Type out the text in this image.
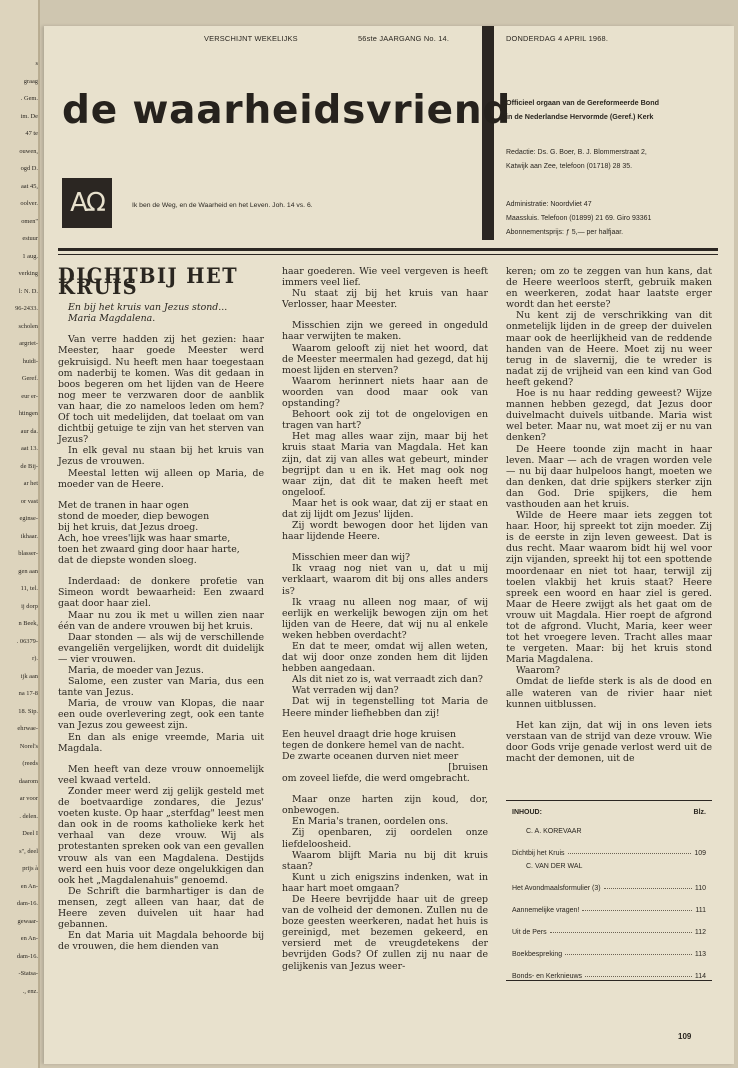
s
graag
. Gem.
im. De
47 te
ouwen,
ogd D.
aat 45,
oolver.
omen"
estuur
1 aug.
verking
l: N. D.
96-2433.
scholen
argriet-
huidi-
Geref.
eur er-
htingen
aur da.
aat 13.
de Bij-
ar het
or vast
eginse-
ikhaar.
blasser-
gen aan
11, tel.
ij dorp
n Beek,
. 06379-
r).
ijk aan
na 17-8
18. Sip.
ehrwae-
Norel's
(reeds
daarom
ar voor
. delen.
Deel I
s", deel
prijs à
en An-
dam-16.
gewaar-
en An-
dam-16.
-Statsa-
., enz.
VERSCHIJNT WEKELIJKS	56ste JAARGANG No. 14.	DONDERDAG 4 APRIL 1968.
de waarheidsvriend
AΩ	Ik ben de Weg, en de Waarheid en het Leven. Joh. 14 vs. 6.
Officieel orgaan van de Gereformeerde Bond
in de Nederlandse Hervormde (Geref.) Kerk
Redactie: Ds. G. Boer, B. J. Blommerstraat 2,
Katwijk aan Zee, telefoon (01718) 28 35.
Administratie: Noordvliet 47
Maassluis. Telefoon (01899) 21 69. Giro 93361
Abonnementsprijs: ƒ 5,— per halfjaar.
DICHTBIJ HET KRUIS

En bij het kruis van Jezus stond...

Maria Magdalena.

Van verre hadden zij het gezien: haar Meester, haar goede Meester werd gekruisigd. Nu heeft men haar toegestaan om naderbij te komen. Was dit gedaan in boos begeren om het lijden van de Heere nog meer te verzwaren door de aanblik van haar, die zo nameloos leden om hem? Of toch uit medelijden, dat toelaat om van dichtbij getuige te zijn van het sterven van Jezus?

In elk geval nu staan bij het kruis van Jezus de vrouwen.

Meestal letten wij alleen op Maria, de moeder van de Heere.

Met de tranen in haar ogen

stond de moeder, diep bewogen

bij het kruis, dat Jezus droeg.

Ach, hoe vrees'lijk was haar smarte,

toen het zwaard ging door haar harte,

dat de diepste wonden sloeg.

Inderdaad: de donkere profetie van Simeon wordt bewaarheid: Een zwaard gaat door haar ziel.

Maar nu zou ik met u willen zien naar één van de andere vrouwen bij het kruis.

Daar stonden — als wij de verschillende evangeliën vergelijken, wordt dit duidelijk — vier vrouwen.

Maria, de moeder van Jezus.

Salome, een zuster van Maria, dus een tante van Jezus.

Maria, de vrouw van Klopas, die naar een oude overlevering zegt, ook een tante van Jezus zou geweest zijn.

En dan als enige vreemde, Maria uit Magdala.

Men heeft van deze vrouw onnoemelijk veel kwaad verteld.

Zonder meer werd zij gelijk gesteld met de boetvaardige zondares, die Jezus' voeten kuste. Op haar „sterfdag" leest men dan ook in de rooms katholieke kerk het verhaal van deze vrouw. Wij als protestanten spreken ook van een gevallen vrouw als van een Magdalena. Destijds werd een huis voor deze ongelukkigen dan ook het „Magdalenahuis" genoemd.

De Schrift die barmhartiger is dan de mensen, zegt alleen van haar, dat de Heere zeven duivelen uit haar had gebannen.

En dat Maria uit Magdala behoorde bij de vrouwen, die hem dienden van

haar goederen. Wie veel vergeven is heeft immers veel lief.

Nu staat zij bij het kruis van haar Verlosser, haar Meester.

Misschien zijn we gereed in ongeduld haar verwijten te maken.

Waarom gelooft zij niet het woord, dat de Meester meermalen had gezegd, dat hij moest lijden en sterven?

Waarom herinnert niets haar aan de woorden van dood maar ook van opstanding?

Behoort ook zij tot de ongelovigen en tragen van hart?

Het mag alles waar zijn, maar bij het kruis staat Maria van Magdala. Het kan zijn, dat zij van alles wat gebeurt, minder begrijpt dan u en ik. Het mag ook nog waar zijn, dat dit te maken heeft met ongeloof.

Maar het is ook waar, dat zij er staat en dat zij lijdt om Jezus' lijden.

Zij wordt bewogen door het lijden van haar lijdende Heere.

Misschien meer dan wij?

Ik vraag nog niet van u, dat u mij verklaart, waarom dit bij ons alles anders is?

Ik vraag nu alleen nog maar, of wij eerlijk en werkelijk bewogen zijn om het lijden van de Heere, dat wij nu al enkele weken hebben overdacht?

En dat te meer, omdat wij allen weten, dat wij door onze zonden hem dit lijden hebben aangedaan.

Als dit niet zo is, wat verraadt zich dan?

Wat verraden wij dan?

Dat wij in tegenstelling tot Maria de Heere minder liefhebben dan zij!

Een heuvel draagt drie hoge kruisen

tegen de donkere hemel van de nacht.

De zwarte oceanen durven niet meer

[bruisen

om zoveel liefde, die werd omgebracht.

Maar onze harten zijn koud, dor, onbewogen.

En Maria's tranen, oordelen ons.

Zij openbaren, zij oordelen onze liefdeloosheid.

Waarom blijft Maria nu bij dit kruis staan?

Kunt u zich enigszins indenken, wat in haar hart moet omgaan?

De Heere bevrijdde haar uit de greep van de volheid der demonen. Zullen nu de boze geesten weerkeren, nadat het huis is gereinigd, met bezemen gekeerd, en versierd met de vreugdetekens der bevrijden Gods? Of zullen zij nu naar de gelijkenis van Jezus weer-

keren; om zo te zeggen van hun kans, dat de Heere weerloos sterft, gebruik maken en weerkeren, zodat haar laatste erger wordt dan het eerste?

Nu kent zij de verschrikking van dit onmetelijk lijden in de greep der duivelen maar ook de heerlijkheid van de reddende handen van de Heere. Moet zij nu weer terug in de slavernij, die te wreder is nadat zij de vrijheid van een kind van God heeft gekend?

Hoe is nu haar redding geweest? Wijze mannen hebben gezegd, dat Jezus door duivelmacht duivels uitbande. Maria wist wel beter. Maar nu, wat moet zij er nu van denken?

De Heere toonde zijn macht in haar leven. Maar — ach de vragen worden vele — nu bij daar hulpeloos hangt, moeten we dan denken, dat drie spijkers sterker zijn dan God. Drie spijkers, die hem vasthouden aan het kruis.

Wilde de Heere maar iets zeggen tot haar. Hoor, hij spreekt tot zijn moeder. Zij is de eerste in zijn leven geweest. Dat is dus recht. Maar waarom bidt hij wel voor zijn vijanden, spreekt hij tot een spottende moordenaar en niet tot haar, terwijl zij toelen vlakbij het kruis staat? Heere spreek een woord en haar ziel is gered. Maar de Heere zwijgt als het gaat om de vrouw uit Magdala. Hier roept de afgrond tot de afgrond. Vlucht, Maria, keer weer tot het vroegere leven. Tracht alles maar te vergeten. Maar: bij het kruis stond Maria Magdalena.

Waarom?

Omdat de liefde sterk is als de dood en alle wateren van de rivier haar niet kunnen uitblussen.

Het kan zijn, dat wij in ons leven iets verstaan van de strijd van deze vrouw. Wie door Gods vrije genade verlost werd uit de macht der demonen, uit de

INHOUD:	Blz.
C. A. KOREVAAR
Dichtbij het Kruis	109
C. VAN DER WAL
Het Avondmaalsformulier (3)	110
Aannemelijke vragen!	111
Uit de Pers	112
Boekbespreking	113
Bonds- en Kerknieuws	114
109
